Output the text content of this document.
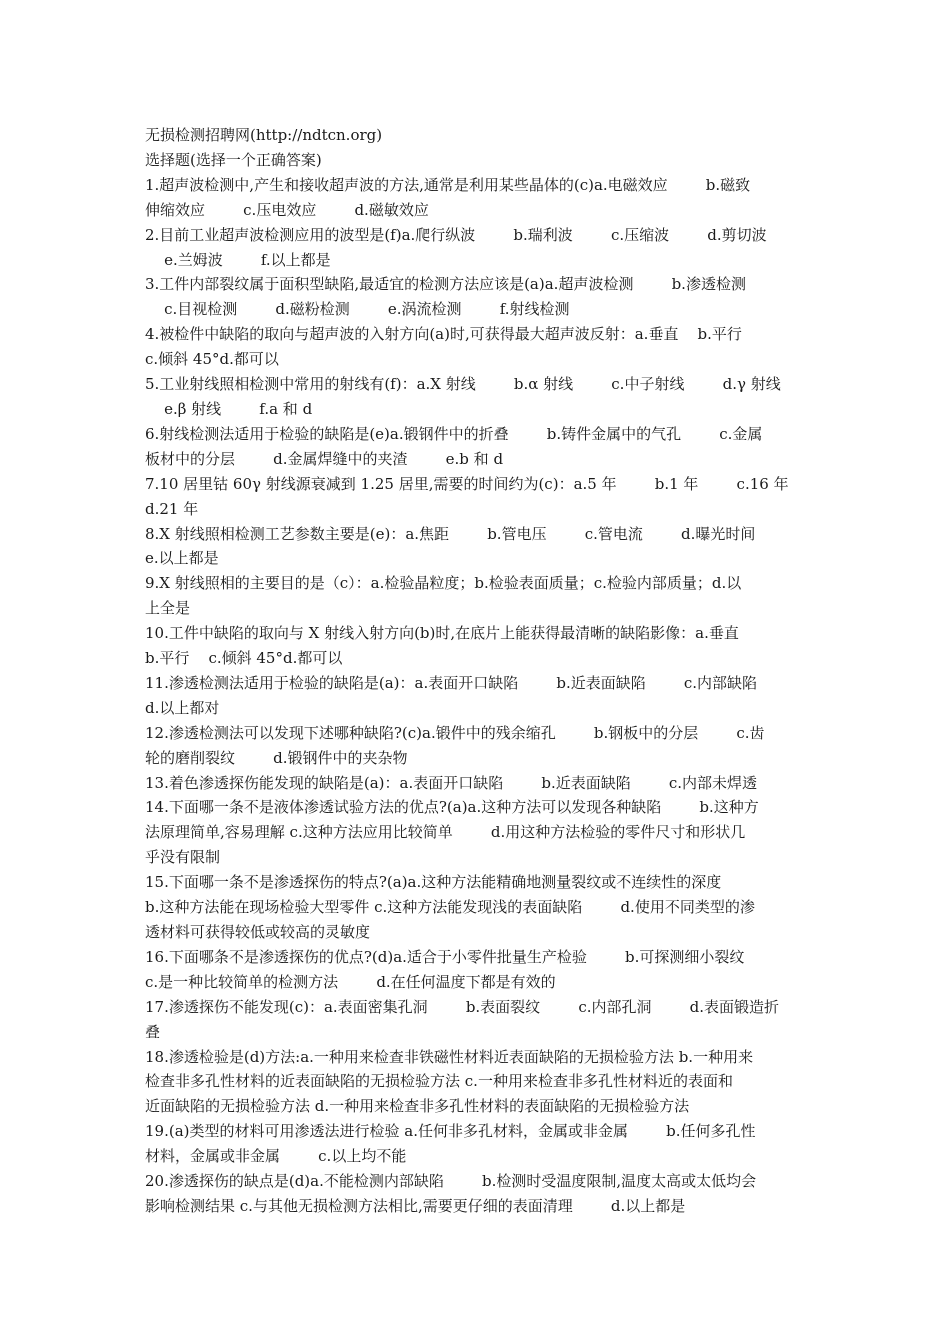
无损检测招聘网(http://ndtcn.org)
选择题(选择一个正确答案)
1.超声波检测中,产生和接收超声波的方法,通常是利用某些晶体的(c)a.电磁效应        b.磁致
伸缩效应        c.压电效应        d.磁敏效应
2.目前工业超声波检测应用的波型是(f)a.爬行纵波        b.瑞利波        c.压缩波        d.剪切波
e.兰姆波        f.以上都是
3.工件内部裂纹属于面积型缺陷,最适宜的检测方法应该是(a)a.超声波检测        b.渗透检测
c.目视检测        d.磁粉检测        e.涡流检测        f.射线检测
4.被检件中缺陷的取向与超声波的入射方向(a)时,可获得最大超声波反射：a.垂直    b.平行
c.倾斜 45°d.都可以
5.工业射线照相检测中常用的射线有(f)：a.X 射线        b.α 射线        c.中子射线        d.γ 射线
e.β 射线        f.a 和 d
6.射线检测法适用于检验的缺陷是(e)a.锻钢件中的折叠        b.铸件金属中的气孔        c.金属
板材中的分层        d.金属焊缝中的夹渣        e.b 和 d
7.10 居里钴 60γ 射线源衰减到 1.25 居里,需要的时间约为(c)：a.5 年        b.1 年        c.16 年
d.21 年
8.X 射线照相检测工艺参数主要是(e)：a.焦距        b.管电压        c.管电流        d.曝光时间
e.以上都是
9.X 射线照相的主要目的是（c）：a.检验晶粒度；b.检验表面质量；c.检验内部质量；d.以
上全是
10.工件中缺陷的取向与 X 射线入射方向(b)时,在底片上能获得最清晰的缺陷影像：a.垂直
b.平行    c.倾斜 45°d.都可以
11.渗透检测法适用于检验的缺陷是(a)：a.表面开口缺陷        b.近表面缺陷        c.内部缺陷
d.以上都对
12.渗透检测法可以发现下述哪种缺陷?(c)a.锻件中的残余缩孔        b.钢板中的分层        c.齿
轮的磨削裂纹        d.锻钢件中的夹杂物
13.着色渗透探伤能发现的缺陷是(a)：a.表面开口缺陷        b.近表面缺陷        c.内部未焊透
14.下面哪一条不是液体渗透试验方法的优点?(a)a.这种方法可以发现各种缺陷        b.这种方
法原理简单,容易理解 c.这种方法应用比较简单        d.用这种方法检验的零件尺寸和形状几
乎没有限制
15.下面哪一条不是渗透探伤的特点?(a)a.这种方法能精确地测量裂纹或不连续性的深度
b.这种方法能在现场检验大型零件 c.这种方法能发现浅的表面缺陷        d.使用不同类型的渗
透材料可获得较低或较高的灵敏度
16.下面哪条不是渗透探伤的优点?(d)a.适合于小零件批量生产检验        b.可探测细小裂纹
c.是一种比较简单的检测方法        d.在任何温度下都是有效的
17.渗透探伤不能发现(c)：a.表面密集孔洞        b.表面裂纹        c.内部孔洞        d.表面锻造折
叠
18.渗透检验是(d)方法:a.一种用来检查非铁磁性材料近表面缺陷的无损检验方法 b.一种用来
检查非多孔性材料的近表面缺陷的无损检验方法 c.一种用来检查非多孔性材料近的表面和
近面缺陷的无损检验方法 d.一种用来检查非多孔性材料的表面缺陷的无损检验方法
19.(a)类型的材料可用渗透法进行检验 a.任何非多孔材料，金属或非金属        b.任何多孔性
材料，金属或非金属        c.以上均不能
20.渗透探伤的缺点是(d)a.不能检测内部缺陷        b.检测时受温度限制,温度太高或太低均会
影响检测结果 c.与其他无损检测方法相比,需要更仔细的表面清理        d.以上都是
